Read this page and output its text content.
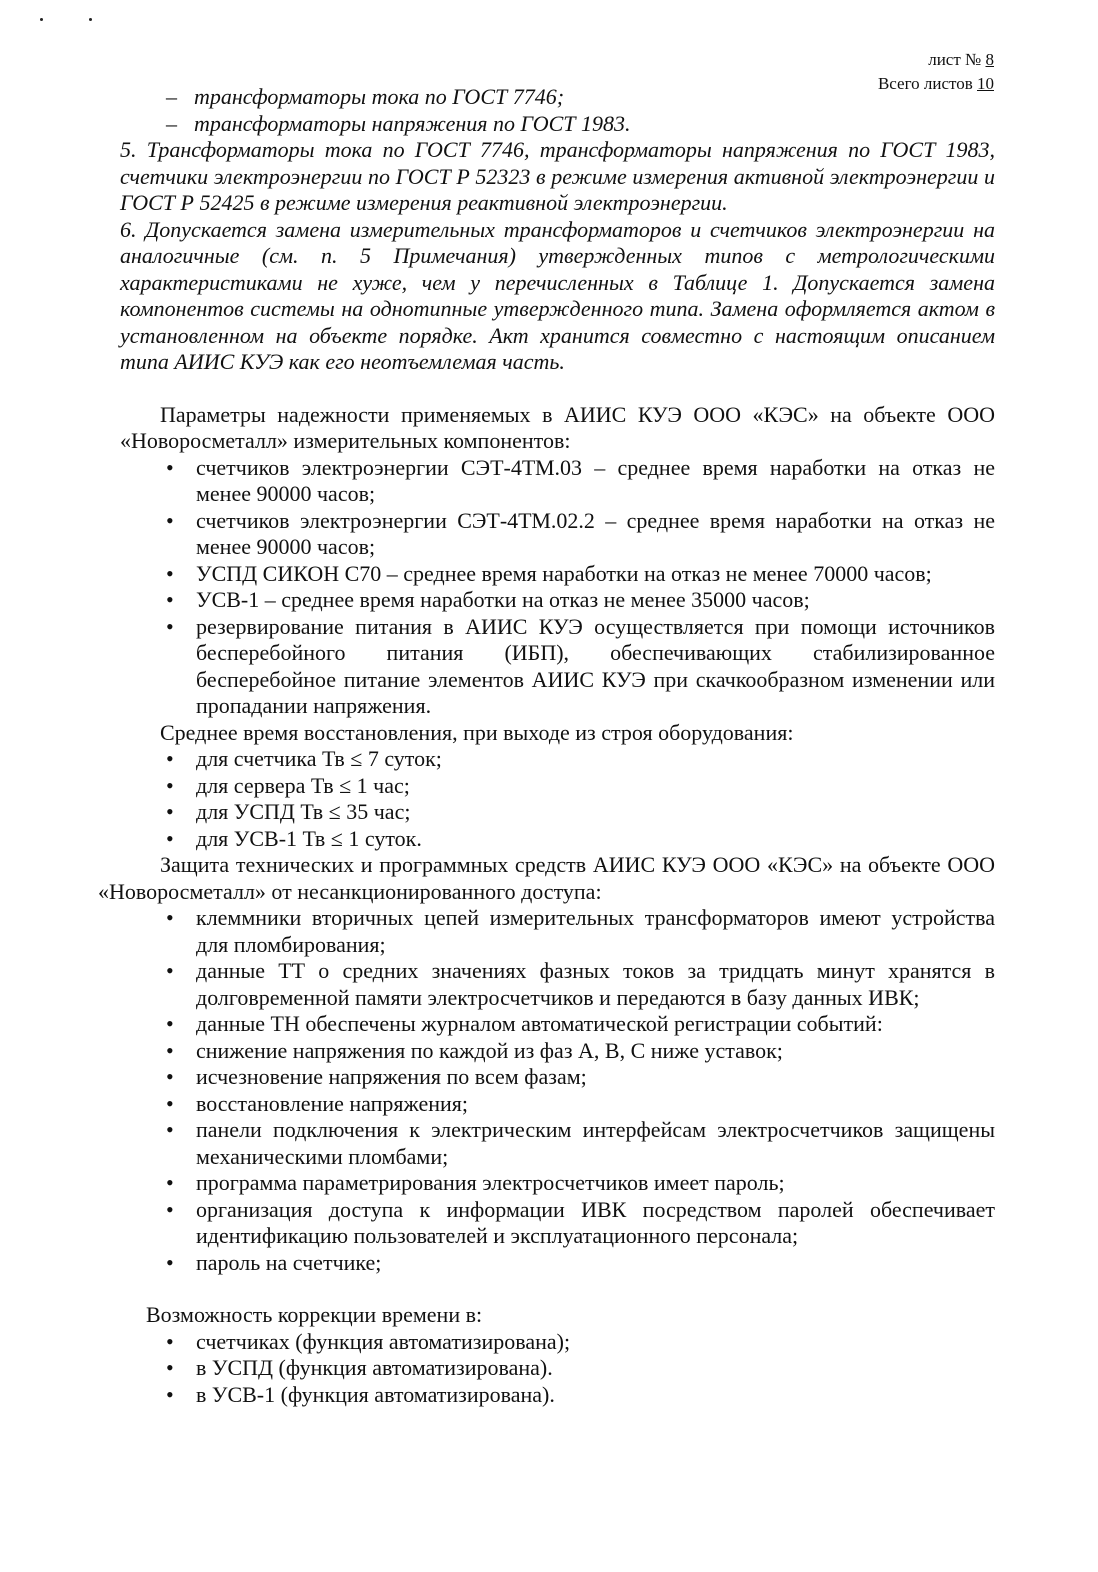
лист № 8
Всего листов 10
– трансформаторы тока по ГОСТ 7746;
– трансформаторы напряжения по ГОСТ 1983.

5. Трансформаторы тока по ГОСТ 7746, трансформаторы напряжения по ГОСТ 1983, счетчики электроэнергии по ГОСТ Р 52323 в режиме измерения активной электроэнергии и ГОСТ Р 52425 в режиме измерения реактивной электроэнергии.

6. Допускается замена измерительных трансформаторов и счетчиков электроэнергии на аналогичные (см. п. 5 Примечания) утвержденных типов с метрологическими характеристиками не хуже, чем у перечисленных в Таблице 1. Допускается замена компонентов системы на однотипные утвержденного типа. Замена оформляется актом в установленном на объекте порядке. Акт хранится совместно с настоящим описанием типа АИИС КУЭ как его неотъемлемая часть.

Параметры надежности применяемых в АИИС КУЭ ООО «КЭС» на объекте ООО «Новоросметалл» измерительных компонентов:

• счетчиков электроэнергии СЭТ-4ТМ.03 – среднее время наработки на отказ не менее 90000 часов;
• счетчиков электроэнергии СЭТ-4ТМ.02.2 – среднее время наработки на отказ не менее 90000 часов;
• УСПД СИКОН С70 – среднее время наработки на отказ не менее 70000 часов;
• УСВ-1 – среднее время наработки на отказ не менее 35000 часов;
• резервирование питания в АИИС КУЭ осуществляется при помощи источников бесперебойного питания (ИБП), обеспечивающих стабилизированное бесперебойное питание элементов АИИС КУЭ при скачкообразном изменении или пропадании напряжения.

Среднее время восстановления, при выходе из строя оборудования:

• для счетчика Тв ≤ 7 суток;
• для сервера Тв ≤ 1 час;
• для УСПД Тв ≤ 35 час;
• для УСВ-1 Тв ≤ 1 суток.

Защита технических и программных средств АИИС КУЭ ООО «КЭС» на объекте ООО «Новоросметалл» от несанкционированного доступа:

• клеммники вторичных цепей измерительных трансформаторов имеют устройства для пломбирования;
• данные ТТ о средних значениях фазных токов за тридцать минут хранятся в долговременной памяти электросчетчиков и передаются в базу данных ИВК;
• данные ТН обеспечены журналом автоматической регистрации событий:
• снижение напряжения по каждой из фаз А, В, С ниже уставок;
• исчезновение напряжения по всем фазам;
• восстановление напряжения;
• панели подключения к электрическим интерфейсам электросчетчиков защищены механическими пломбами;
• программа параметрирования электросчетчиков имеет пароль;
• организация доступа к информации ИВК посредством паролей обеспечивает идентификацию пользователей и эксплуатационного персонала;
• пароль на счетчике;

Возможность коррекции времени в:

• счетчиках (функция автоматизирована);
• в УСПД (функция автоматизирована).
• в УСВ-1 (функция автоматизирована).
